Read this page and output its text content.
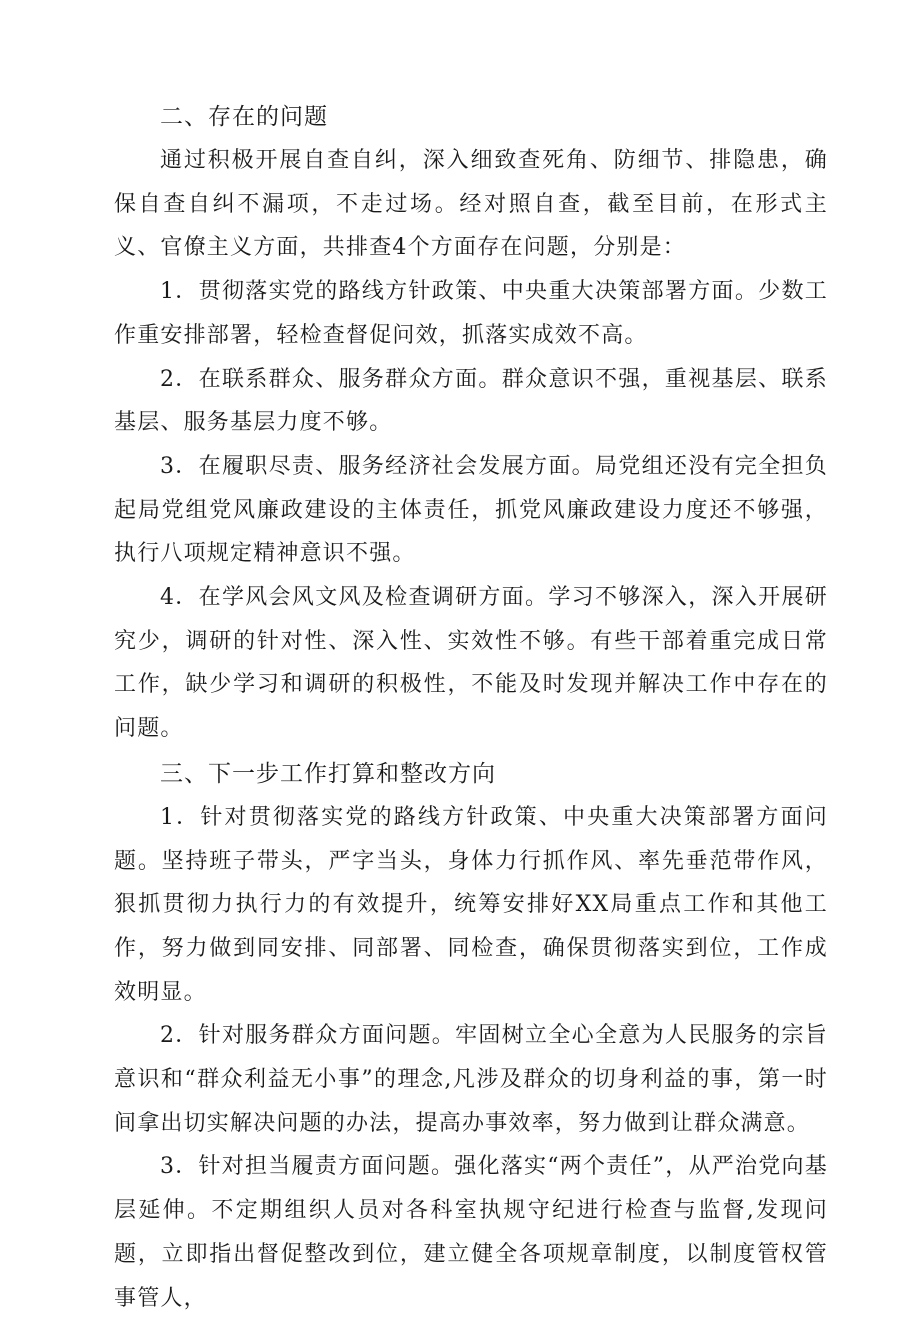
二、存在的问题

通过积极开展自查自纠，深入细致查死角、防细节、排隐患，确保自查自纠不漏项，不走过场。经对照自查，截至目前，在形式主义、官僚主义方面，共排查4个方面存在问题，分别是：

1．贯彻落实党的路线方针政策、中央重大决策部署方面。少数工作重安排部署，轻检查督促问效，抓落实成效不高。

2．在联系群众、服务群众方面。群众意识不强，重视基层、联系基层、服务基层力度不够。

3．在履职尽责、服务经济社会发展方面。局党组还没有完全担负起局党组党风廉政建设的主体责任，抓党风廉政建设力度还不够强，执行八项规定精神意识不强。

4．在学风会风文风及检查调研方面。学习不够深入，深入开展研究少，调研的针对性、深入性、实效性不够。有些干部着重完成日常工作，缺少学习和调研的积极性，不能及时发现并解决工作中存在的问题。

三、下一步工作打算和整改方向

1．针对贯彻落实党的路线方针政策、中央重大决策部署方面问题。坚持班子带头，严字当头，身体力行抓作风、率先垂范带作风，狠抓贯彻力执行力的有效提升，统筹安排好XX局重点工作和其他工作，努力做到同安排、同部署、同检查，确保贯彻落实到位，工作成效明显。

2．针对服务群众方面问题。牢固树立全心全意为人民服务的宗旨意识和“群众利益无小事”的理念,凡涉及群众的切身利益的事，第一时间拿出切实解决问题的办法，提高办事效率，努力做到让群众满意。

3．针对担当履责方面问题。强化落实“两个责任”，从严治党向基层延伸。不定期组织人员对各科室执规守纪进行检查与监督,发现问题，立即指出督促整改到位，建立健全各项规章制度，以制度管权管事管人，
